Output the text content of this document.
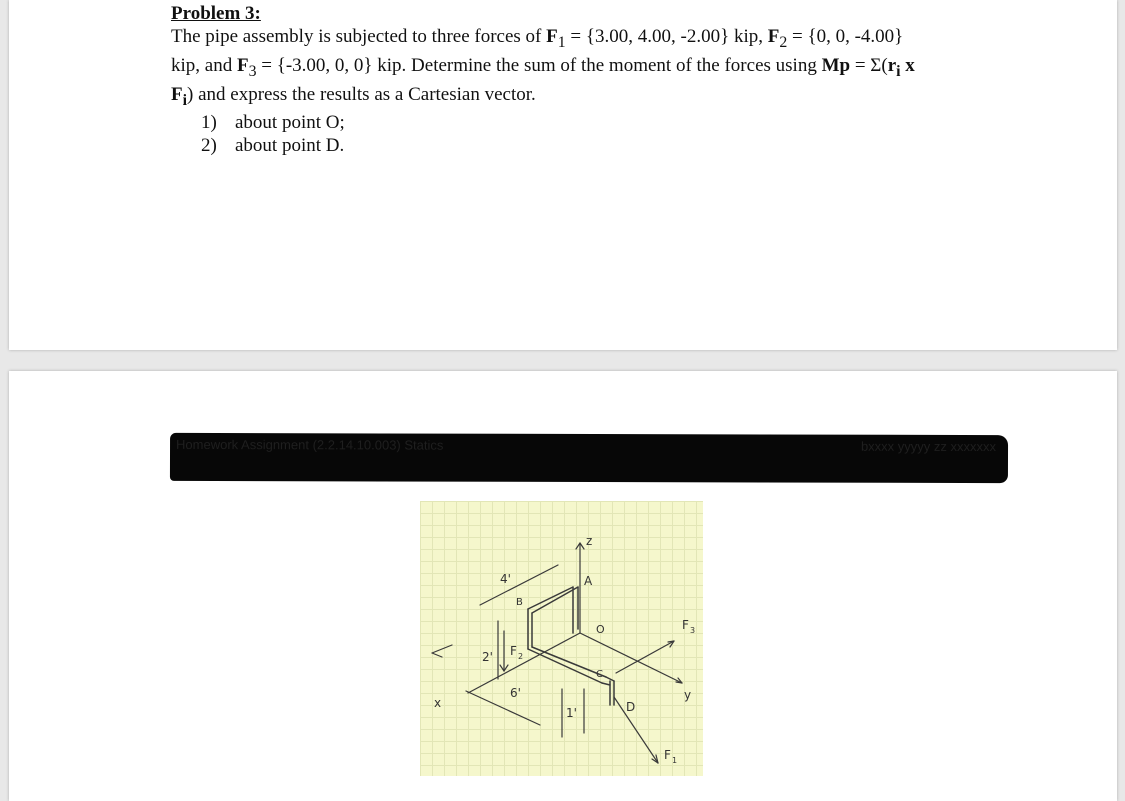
Problem 3:
The pipe assembly is subjected to three forces of $F_1 = \{3.00$, 4.00, -2.00} kip, $F_2 = \{0$, 0, -4.00} kip, and $F_3 = \{-3.00$, 0, 0} kip. Determine the sum of the moment of the forces using $Mp = \Sigma(r_i$ x $F_i$) and express the results as a Cartesian vector.
1) about point O;
2) about point D.
Homework Assignment (2.2.14.10.003) Statics	bxxxx yyyyy zz xxxxxxx
z
A
B
O
C
D
x
y
F 1
F 2
F 3
4'
2'
6'
1'
